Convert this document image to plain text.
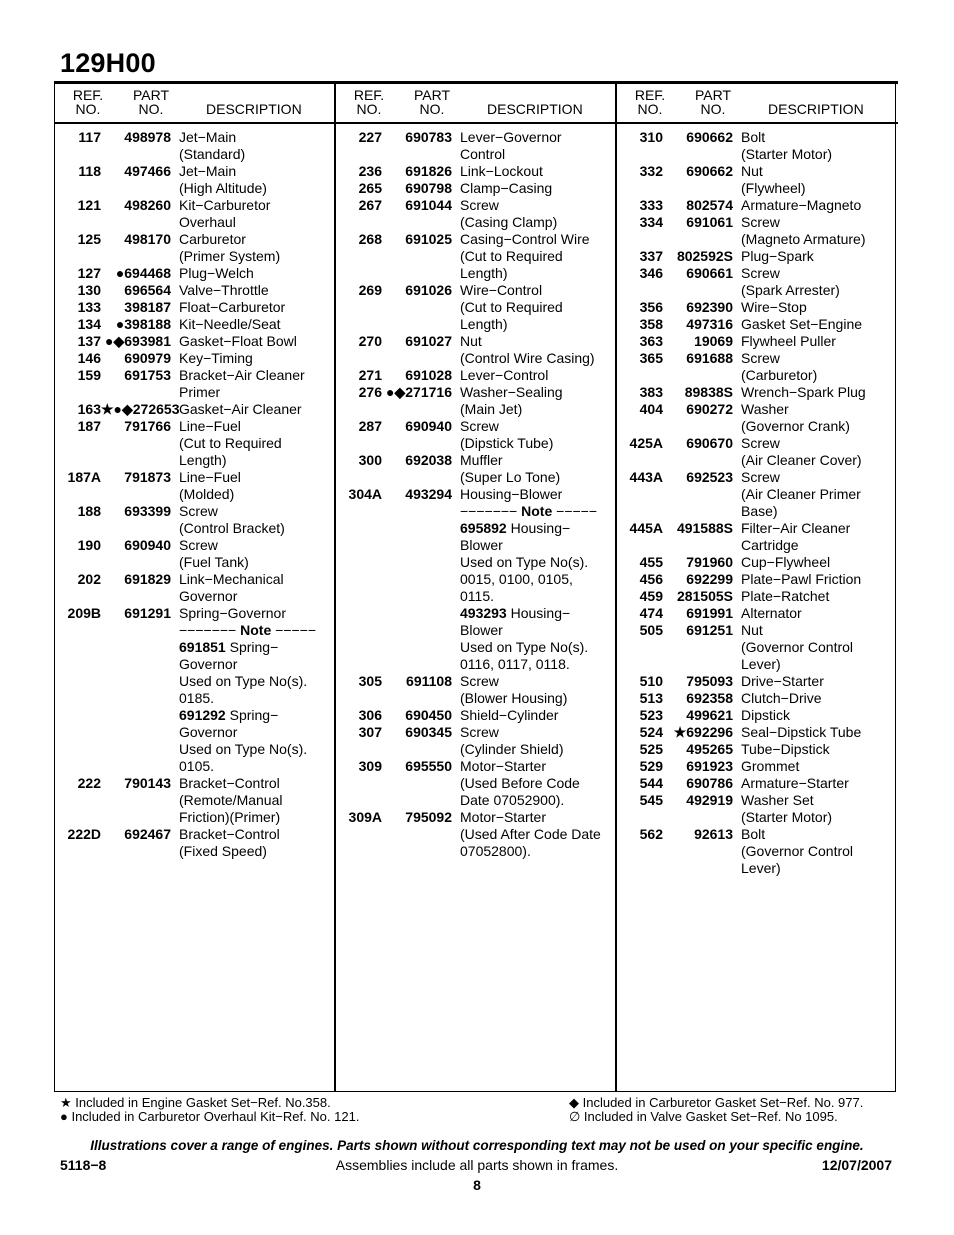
129H00
REF.
NO.
PART
NO.	DESCRIPTION
REF.
NO.
PART
NO.	DESCRIPTION
REF.
NO.
PART
NO.	DESCRIPTION
117	498978 Jet−Main
(Standard)
118	497466 Jet−Main
(High Altitude)
121	498260 Kit−Carburetor
Overhaul
125	498170 Carburetor
(Primer System)
127	●694468 Plug−Welch
130	696564 Valve−Throttle
133	398187 Float−Carburetor
134	●398188 Kit−Needle/Seat
137 ●◆693981 Gasket−Float Bowl
146	690979 Key−Timing
159	691753 Bracket−Air Cleaner
Primer
163 ★●◆272653 Gasket−Air Cleaner
187	791766 Line−Fuel
(Cut to Required
Length)
187A	791873 Line−Fuel
(Molded)
188	693399 Screw
(Control Bracket)
190	690940 Screw
(Fuel Tank)
202	691829 Link−Mechanical
Governor
209B	691291 Spring−Governor
−−−−−−− Note −−−−−
691851 Spring−
Governor
Used on Type No(s).
0185.
691292 Spring−
Governor
Used on Type No(s).
0105.
222	790143 Bracket−Control
(Remote/Manual
Friction)(Primer)
222D	692467 Bracket−Control
(Fixed Speed)
227	690783 Lever−Governor
Control
236	691826 Link−Lockout
265	690798 Clamp−Casing
267	691044 Screw
(Casing Clamp)
268	691025 Casing−Control Wire
(Cut to Required
Length)
269	691026 Wire−Control
(Cut to Required
Length)
270	691027 Nut
(Control Wire Casing)
271	691028 Lever−Control
276 ●◆271716 Washer−Sealing
(Main Jet)
287	690940 Screw
(Dipstick Tube)
300	692038 Muffler
(Super Lo Tone)
304A	493294 Housing−Blower
−−−−−−− Note −−−−−
695892 Housing−
Blower
Used on Type No(s).
0015, 0100, 0105,
0115.
493293 Housing−
Blower
Used on Type No(s).
0116, 0117, 0118.
305	691108 Screw
(Blower Housing)
306	690450 Shield−Cylinder
307	690345 Screw
(Cylinder Shield)
309	695550 Motor−Starter
(Used Before Code
Date 07052900).
309A	795092 Motor−Starter
(Used After Code Date
07052800).
310	690662 Bolt
(Starter Motor)
332	690662 Nut
(Flywheel)
333	802574 Armature−Magneto
334	691061 Screw
(Magneto Armature)
337 802592S Plug−Spark
346	690661 Screw
(Spark Arrester)
356	692390 Wire−Stop
358	497316 Gasket Set−Engine
363	19069 Flywheel Puller
365	691688 Screw
(Carburetor)
383	89838S Wrench−Spark Plug
404	690272 Washer
(Governor Crank)
425A	690670 Screw
(Air Cleaner Cover)
443A	692523 Screw
(Air Cleaner Primer
Base)
445A 491588S Filter−Air Cleaner
Cartridge
455	791960 Cup−Flywheel
456	692299 Plate−Pawl Friction
459 281505S Plate−Ratchet
474	691991 Alternator
505	691251 Nut
(Governor Control
Lever)
510	795093 Drive−Starter
513	692358 Clutch−Drive
523	499621 Dipstick
524 ★692296 Seal−Dipstick Tube
525	495265 Tube−Dipstick
529	691923 Grommet
544	690786 Armature−Starter
545	492919 Washer Set
(Starter Motor)
562	92613 Bolt
(Governor Control
Lever)
★ Included in Engine Gasket Set−Ref. No.358.
● Included in Carburetor Overhaul Kit−Ref. No. 121.
◆ Included in Carburetor Gasket Set−Ref. No. 977.
∅ Included in Valve Gasket Set−Ref. No 1095.
Illustrations cover a range of engines. Parts shown without corresponding text may not be used on your specific engine.
5118−8	Assemblies include all parts shown in frames.	12/07/2007
8
